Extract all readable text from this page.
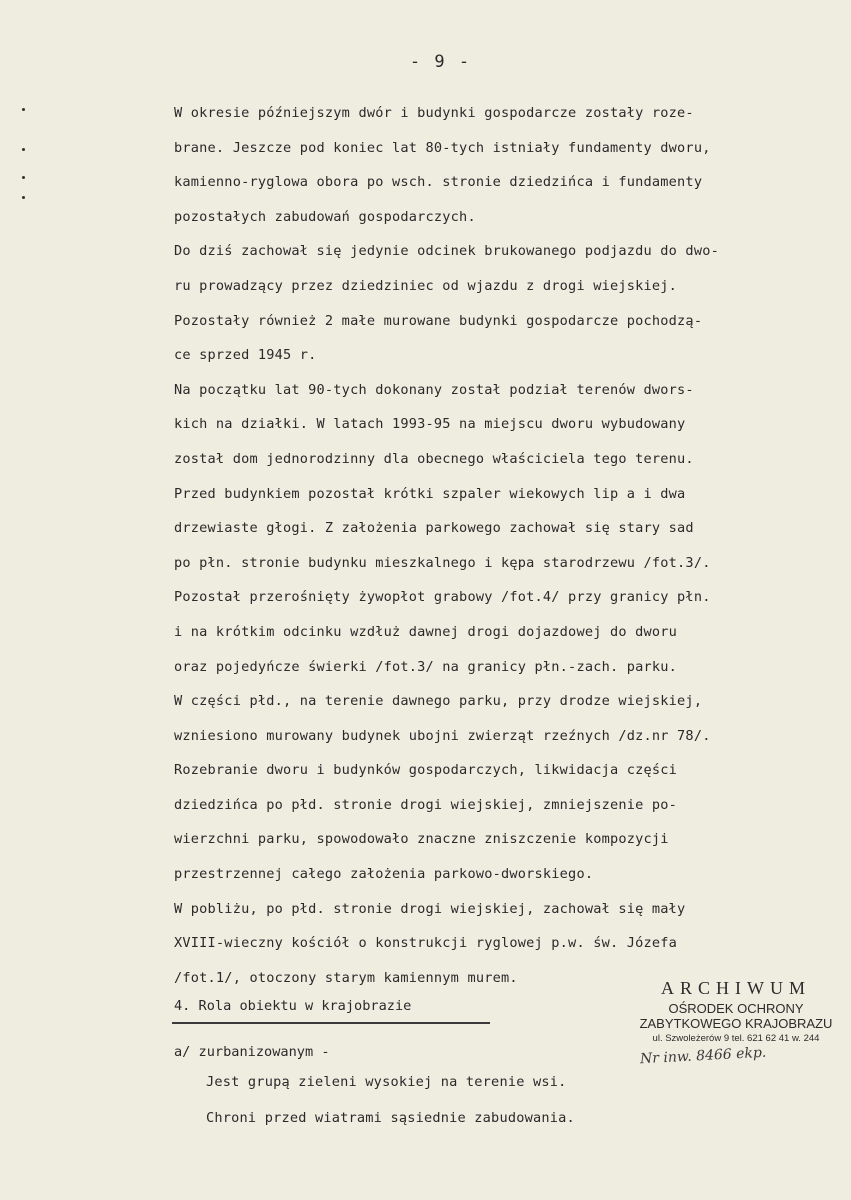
- 9 -
W okresie późniejszym dwór i budynki gospodarcze zostały roze-
brane. Jeszcze pod koniec lat 80-tych istniały fundamenty dworu,
kamienno-ryglowa obora po wsch. stronie dziedzińca i fundamenty
pozostałych zabudowań gospodarczych.
Do dziś zachował się jedynie odcinek brukowanego podjazdu do dwo-
ru prowadzący przez dziedziniec od wjazdu z drogi wiejskiej.
Pozostały również 2 małe murowane budynki gospodarcze pochodzą-
ce sprzed 1945 r.
Na początku lat 90-tych dokonany został podział terenów dwors-
kich na działki. W latach 1993-95 na miejscu dworu wybudowany
został dom jednorodzinny dla obecnego właściciela tego terenu.
Przed budynkiem pozostał krótki szpaler wiekowych lip a i dwa
drzewiaste głogi. Z założenia parkowego zachował się stary sad
po płn. stronie budynku mieszkalnego i kępa starodrzewu /fot.3/.
Pozostał przerośnięty żywopłot grabowy /fot.4/ przy granicy płn.
i na krótkim odcinku wzdłuż dawnej drogi dojazdowej do dworu
oraz pojedyńcze świerki /fot.3/ na granicy płn.-zach. parku.
W części płd., na terenie dawnego parku, przy drodze wiejskiej,
wzniesiono murowany budynek ubojni zwierząt rzeźnych /dz.nr 78/.
Rozebranie dworu i budynków gospodarczych, likwidacja części
dziedzińca po płd. stronie drogi wiejskiej, zmniejszenie po-
wierzchni parku, spowodowało znaczne zniszczenie kompozycji
przestrzennej całego założenia parkowo-dworskiego.
W pobliżu, po płd. stronie drogi wiejskiej, zachował się mały
XVIII-wieczny kościół o konstrukcji ryglowej p.w. św. Józefa
/fot.1/, otoczony starym kamiennym murem.
4. Rola obiektu w krajobrazie
a/ zurbanizowanym -
Jest grupą zieleni wysokiej na terenie wsi.
Chroni przed wiatrami sąsiednie zabudowania.
ARCHIWUM
OŚRODEK OCHRONY
ZABYTKOWEGO KRAJOBRAZU
ul. Szwoleżerów 9 tel. 621 62 41 w. 244
Nr inw. 8466 ekp.
